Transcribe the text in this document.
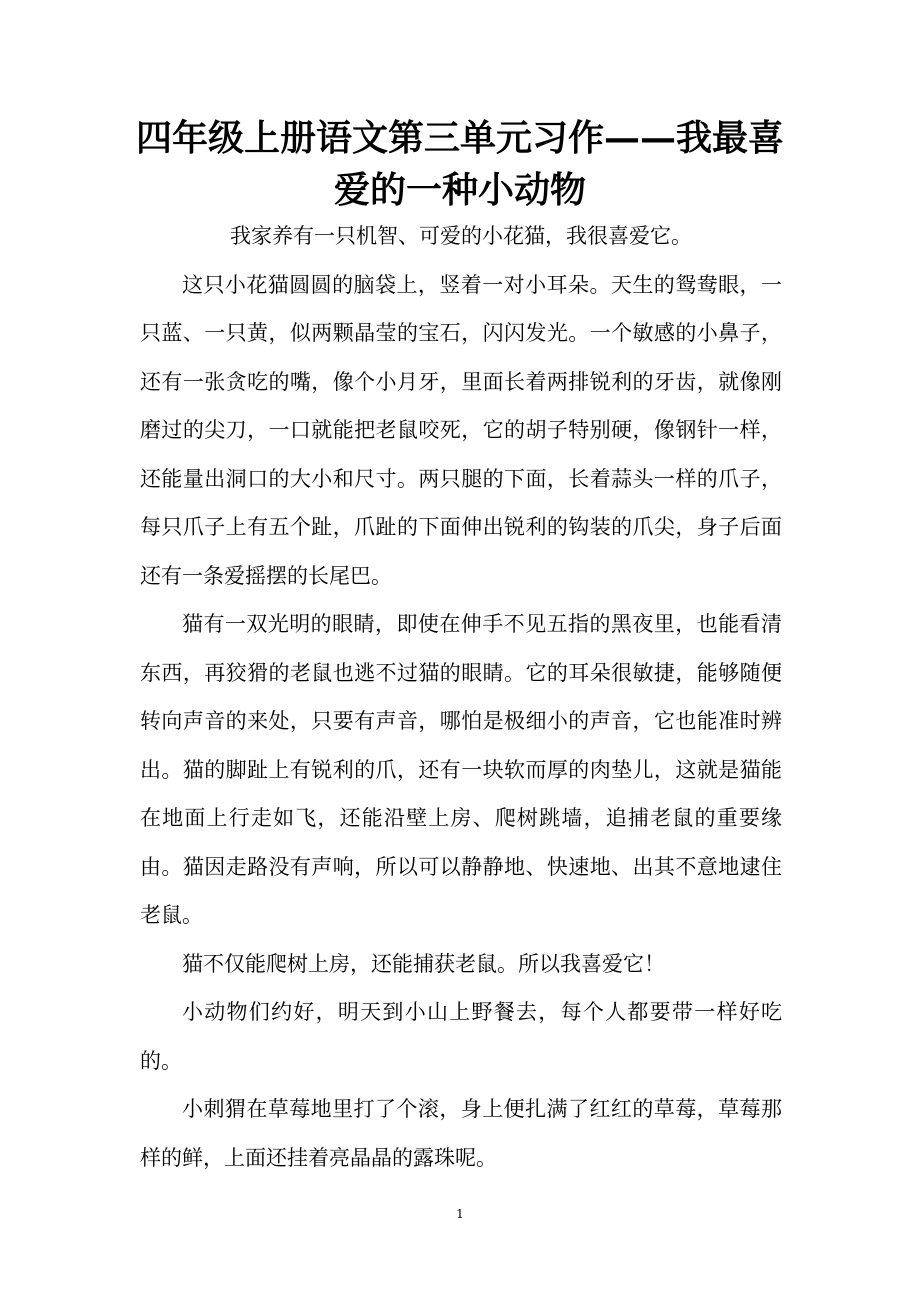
四年级上册语文第三单元习作——我最喜爱的一种小动物

我家养有一只机智、可爱的小花猫，我很喜爱它。

这只小花猫圆圆的脑袋上，竖着一对小耳朵。天生的鸳鸯眼，一只蓝、一只黄，似两颗晶莹的宝石，闪闪发光。一个敏感的小鼻子，还有一张贪吃的嘴，像个小月牙，里面长着两排锐利的牙齿，就像刚磨过的尖刀，一口就能把老鼠咬死，它的胡子特别硬，像钢针一样，还能量出洞口的大小和尺寸。两只腿的下面，长着蒜头一样的爪子，每只爪子上有五个趾，爪趾的下面伸出锐利的钩装的爪尖，身子后面还有一条爱摇摆的长尾巴。

猫有一双光明的眼睛，即使在伸手不见五指的黑夜里，也能看清东西，再狡猾的老鼠也逃不过猫的眼睛。它的耳朵很敏捷，能够随便转向声音的来处，只要有声音，哪怕是极细小的声音，它也能准时辨出。猫的脚趾上有锐利的爪，还有一块软而厚的肉垫儿，这就是猫能在地面上行走如飞，还能沿壁上房、爬树跳墙，追捕老鼠的重要缘由。猫因走路没有声响，所以可以静静地、快速地、出其不意地逮住老鼠。

猫不仅能爬树上房，还能捕获老鼠。所以我喜爱它！

小动物们约好，明天到小山上野餐去，每个人都要带一样好吃的。

小刺猬在草莓地里打了个滚，身上便扎满了红红的草莓，草莓那样的鲜，上面还挂着亮晶晶的露珠呢。

1
